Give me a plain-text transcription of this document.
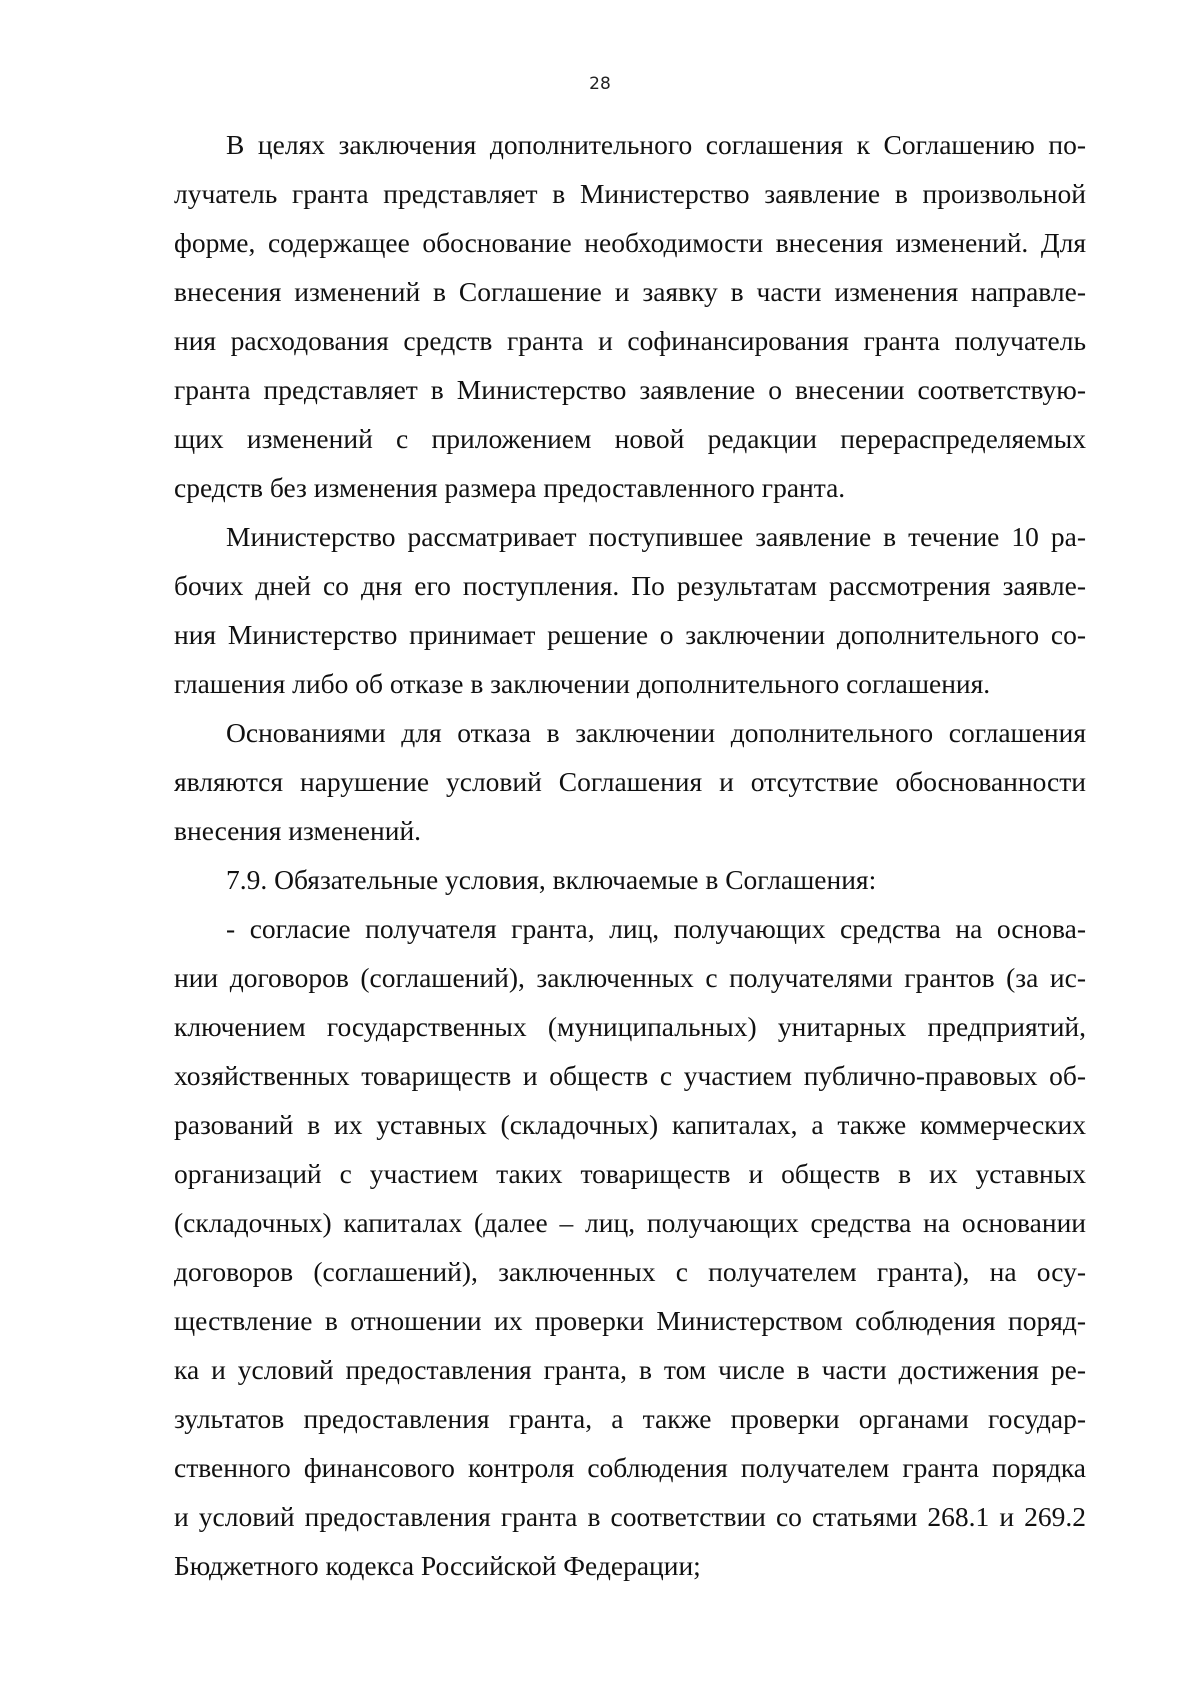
28
В целях заключения дополнительного соглашения к Соглашению по-
лучатель гранта представляет в Министерство заявление в произвольной
форме, содержащее обоснование необходимости внесения изменений. Для
внесения изменений в Соглашение и заявку в части изменения направле-
ния расходования средств гранта и софинансирования гранта получатель
гранта представляет в Министерство заявление о внесении соответствую-
щих изменений с приложением новой редакции перераспределяемых
средств без изменения размера предоставленного гранта.
Министерство рассматривает поступившее заявление в течение 10 ра-
бочих дней со дня его поступления. По результатам рассмотрения заявле-
ния Министерство принимает решение о заключении дополнительного со-
глашения либо об отказе в заключении дополнительного соглашения.
Основаниями для отказа в заключении дополнительного соглашения
являются нарушение условий Соглашения и отсутствие обоснованности
внесения изменений.
7.9. Обязательные условия, включаемые в Соглашения:
- согласие получателя гранта, лиц, получающих средства на основа-
нии договоров (соглашений), заключенных с получателями грантов (за ис-
ключением государственных (муниципальных) унитарных предприятий,
хозяйственных товариществ и обществ с участием публично-правовых об-
разований в их уставных (складочных) капиталах, а также коммерческих
организаций с участием таких товариществ и обществ в их уставных
(складочных) капиталах (далее – лиц, получающих средства на основании
договоров (соглашений), заключенных с получателем гранта), на осу-
ществление в отношении их проверки Министерством соблюдения поряд-
ка и условий предоставления гранта, в том числе в части достижения ре-
зультатов предоставления гранта, а также проверки органами государ-
ственного финансового контроля соблюдения получателем гранта порядка
и условий предоставления гранта в соответствии со статьями 268.1 и 269.2
Бюджетного кодекса Российской Федерации;
